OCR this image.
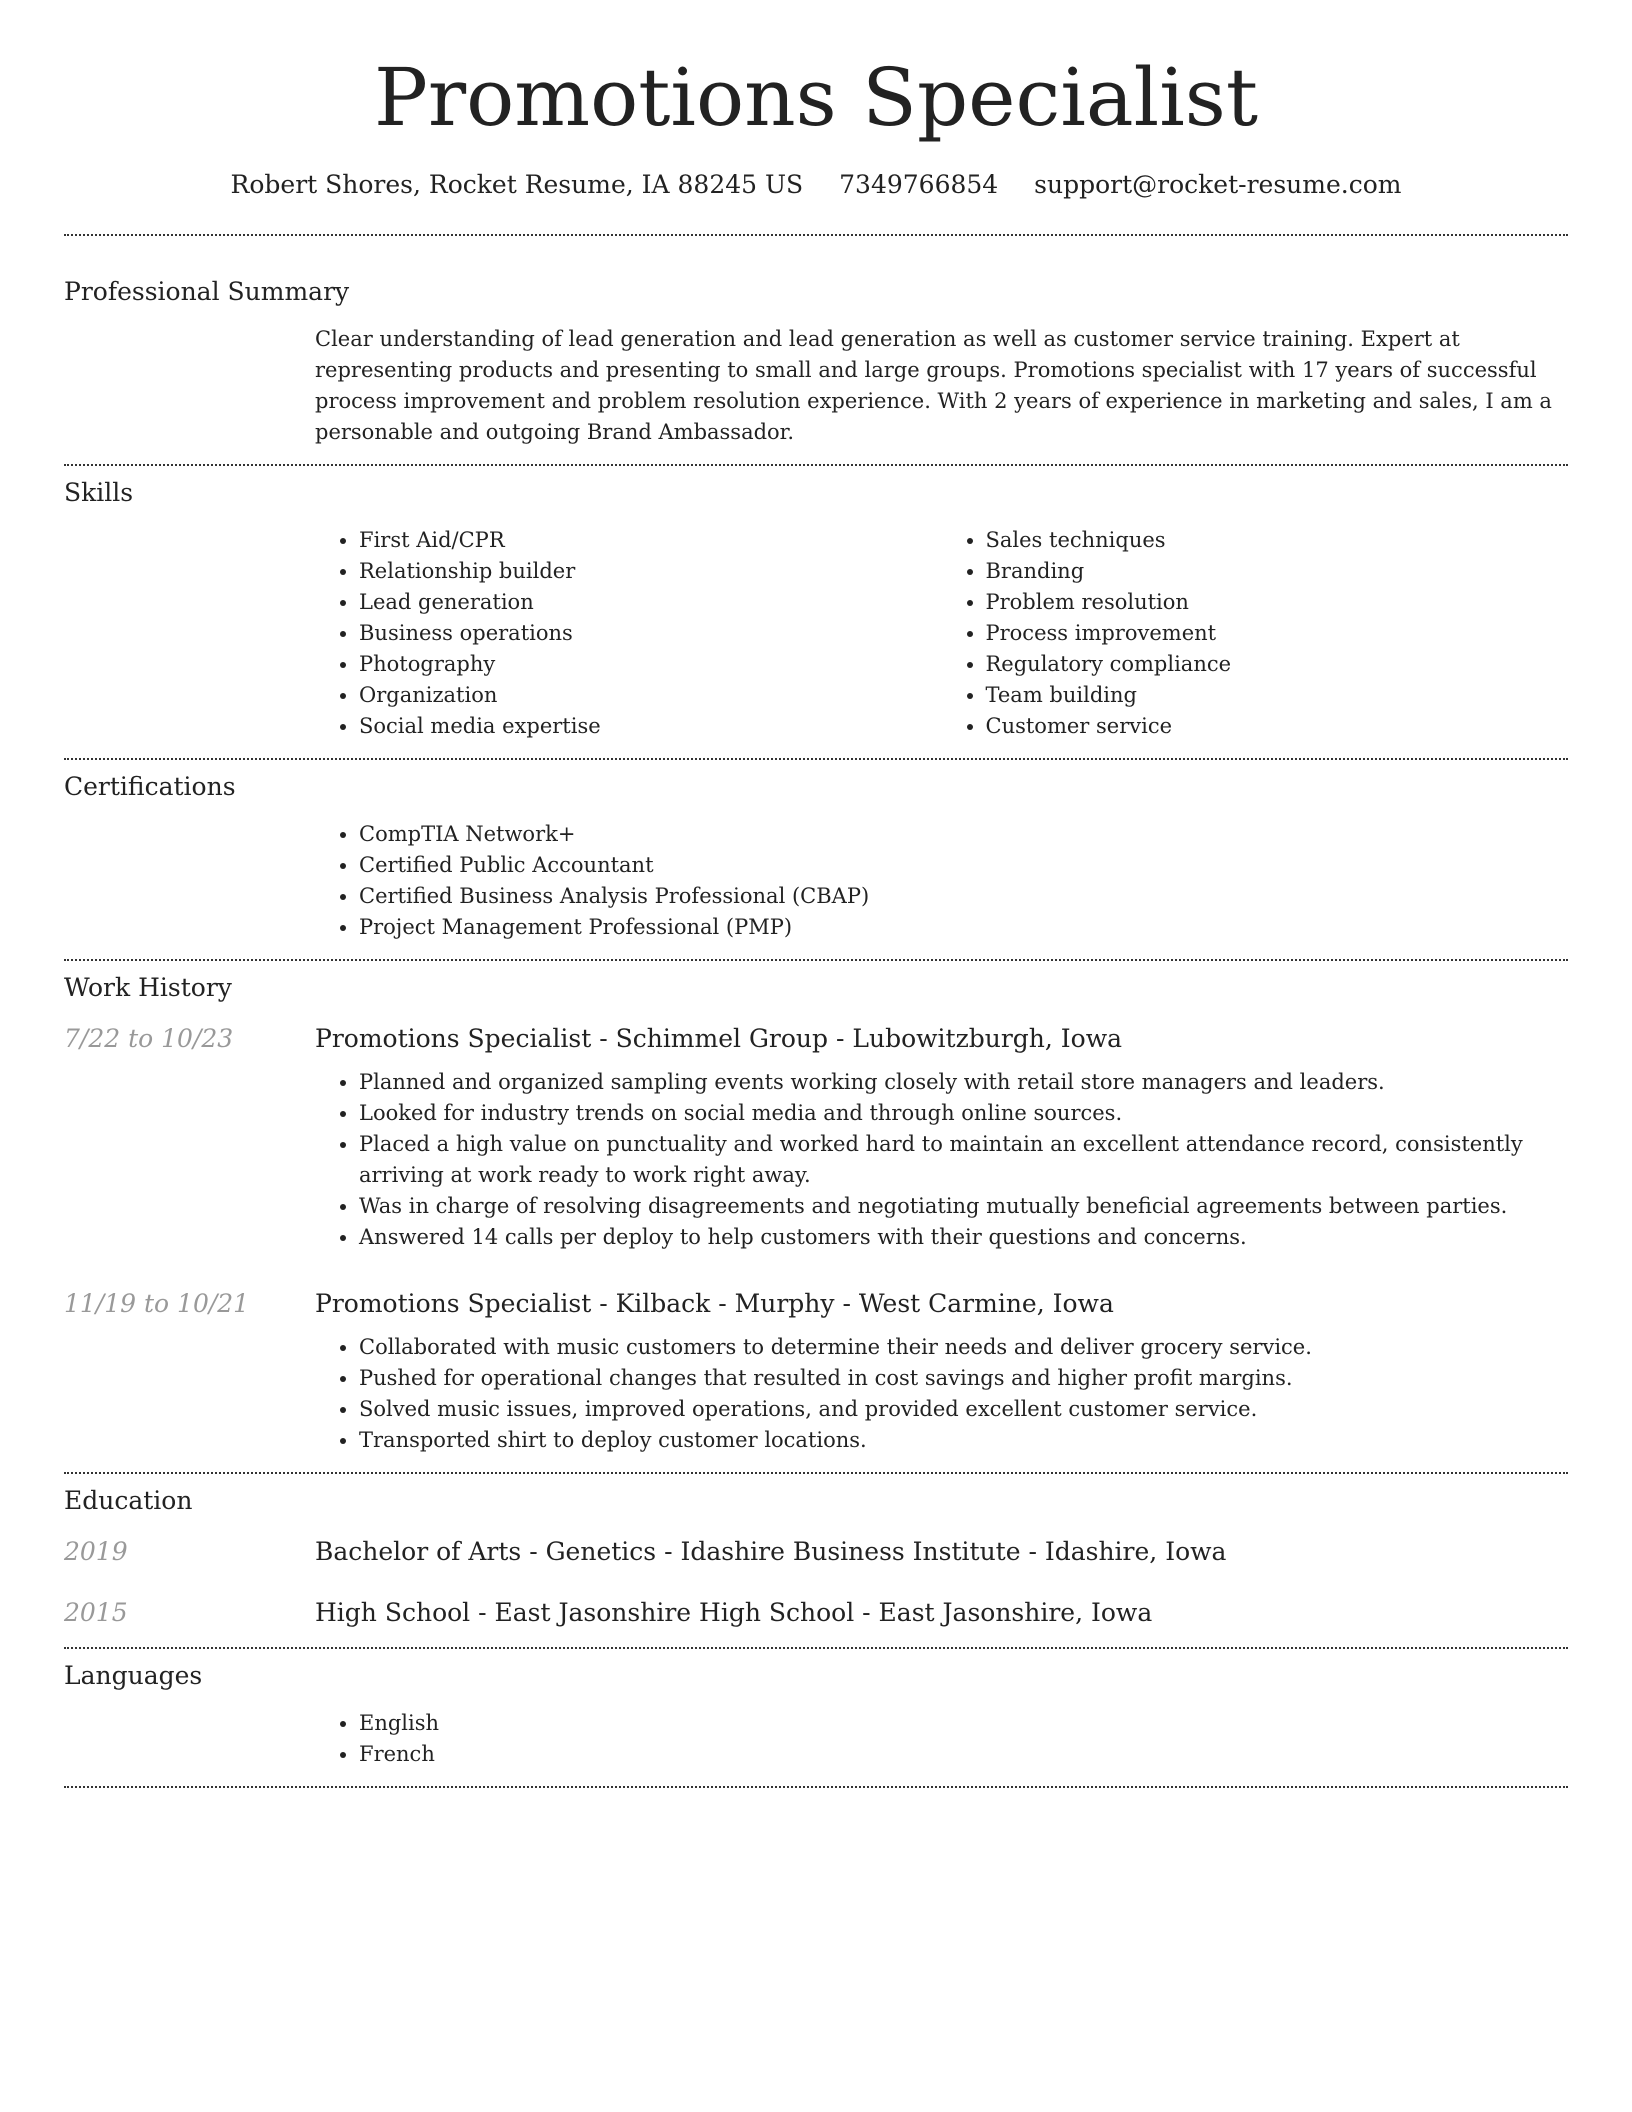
Promotions Specialist
Robert Shores, Rocket Resume, IA 88245 US 7349766854 support@rocket-resume.com
Professional Summary
Clear understanding of lead generation and lead generation as well as customer service training. Expert at representing products and presenting to small and large groups. Promotions specialist with 17 years of successful process improvement and problem resolution experience. With 2 years of experience in marketing and sales, I am a personable and outgoing Brand Ambassador.
Skills
• First Aid/CPR
• Relationship builder
• Lead generation
• Business operations
• Photography
• Organization
• Social media expertise
• Sales techniques
• Branding
• Problem resolution
• Process improvement
• Regulatory compliance
• Team building
• Customer service
Certifications
• CompTIA Network+
• Certified Public Accountant
• Certified Business Analysis Professional (CBAP)
• Project Management Professional (PMP)
Work History
7/22 to 10/23	Promotions Specialist - Schimmel Group - Lubowitzburgh, Iowa
• Planned and organized sampling events working closely with retail store managers and leaders.
• Looked for industry trends on social media and through online sources.
• Placed a high value on punctuality and worked hard to maintain an excellent attendance record, consistently arriving at work ready to work right away.
• Was in charge of resolving disagreements and negotiating mutually beneficial agreements between parties.
• Answered 14 calls per deploy to help customers with their questions and concerns.
11/19 to 10/21	Promotions Specialist - Kilback - Murphy - West Carmine, Iowa
• Collaborated with music customers to determine their needs and deliver grocery service.
• Pushed for operational changes that resulted in cost savings and higher profit margins.
• Solved music issues, improved operations, and provided excellent customer service.
• Transported shirt to deploy customer locations.
Education
2019	Bachelor of Arts - Genetics - Idashire Business Institute - Idashire, Iowa
2015	High School - East Jasonshire High School - East Jasonshire, Iowa
Languages
• English
• French
